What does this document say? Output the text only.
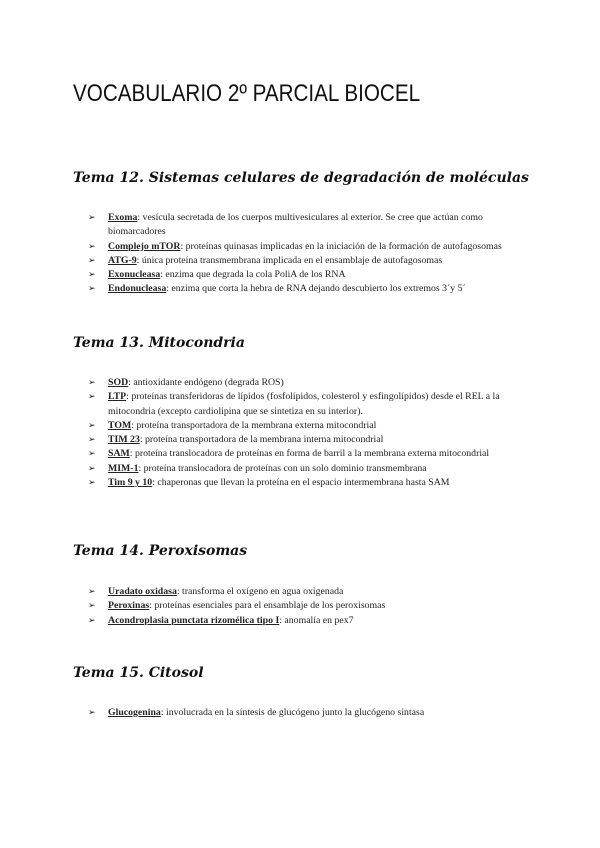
VOCABULARIO 2º PARCIAL BIOCEL
Tema 12. Sistemas celulares de degradación de moléculas
➢ Exoma: vesícula secretada de los cuerpos multivesiculares al exterior. Se cree que actúan como biomarcadores
➢ Complejo mTOR: proteínas quinasas implicadas en la iniciación de la formación de autofagosomas
➢ ATG-9: única proteína transmembrana implicada en el ensamblaje de autofagosomas
➢ Exonucleasa: enzima que degrada la cola PoliA de los RNA
➢ Endonucleasa: enzima que corta la hebra de RNA dejando descubierto los extremos 3´y 5´
Tema 13. Mitocondria
➢ SOD: antioxidante endógeno (degrada ROS)
➢ LTP: proteínas transferidoras de lípidos (fosfolípidos, colesterol y esfingolípidos) desde el REL a la mitocondria (excepto cardiolipina que se sintetiza en su interior).
➢ TOM: proteína transportadora de la membrana externa mitocondrial
➢ TIM 23: proteína transportadora de la membrana interna mitocondrial
➢ SAM: proteína translocadora de proteínas en forma de barril a la membrana externa mitocondrial
➢ MIM-1: proteína translocadora de proteínas con un solo dominio transmembrana
➢ Tim 9 y 10: chaperonas que llevan la proteína en el espacio intermembrana hasta SAM
Tema 14. Peroxisomas
➢ Uradato oxidasa: transforma el oxígeno en agua oxigenada
➢ Peroxinas: proteínas esenciales para el ensamblaje de los peroxisomas
➢ Acondroplasia punctata rizomélica tipo I: anomalía en pex7
Tema 15. Citosol
➢ Glucogenina: involucrada en la síntesis de glucógeno junto la glucógeno sintasa
